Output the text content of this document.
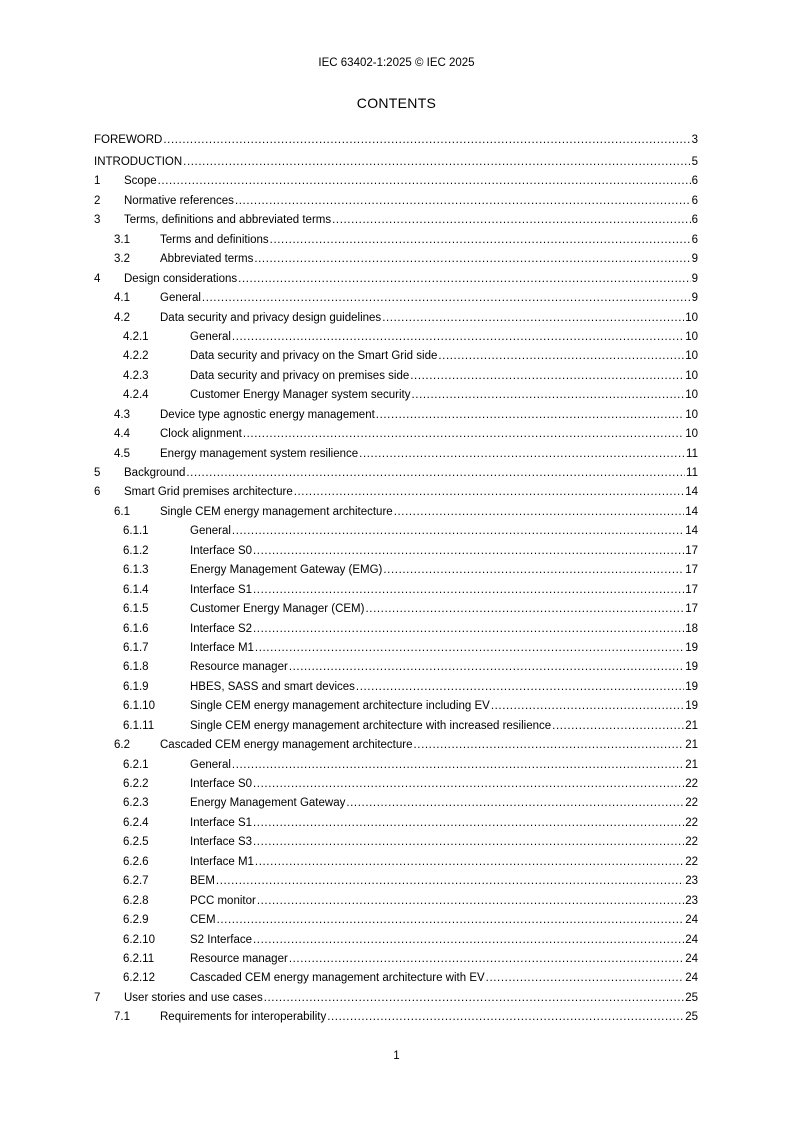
IEC 63402-1:2025 © IEC 2025
CONTENTS
FOREWORD .....	3
INTRODUCTION .....	5
1 Scope .....	6
2 Normative references .....	6
3 Terms, definitions and abbreviated terms .....	6
3.1	Terms and definitions .....	6
3.2	Abbreviated terms .....	9
4 Design considerations .....	9
4.1	General .....	9
4.2	Data security and privacy design guidelines .....	10
4.2.1	General .....	10
4.2.2	Data security and privacy on the Smart Grid side .....	10
4.2.3	Data security and privacy on premises side .....	10
4.2.4	Customer Energy Manager system security .....	10
4.3	Device type agnostic energy management .....	10
4.4	Clock alignment .....	10
4.5	Energy management system resilience .....	11
5 Background .....	11
6 Smart Grid premises architecture .....	14
6.1	Single CEM energy management architecture .....	14
6.1.1	General .....	14
6.1.2	Interface S0 .....	17
6.1.3	Energy Management Gateway (EMG) .....	17
6.1.4	Interface S1 .....	17
6.1.5	Customer Energy Manager (CEM) .....	17
6.1.6	Interface S2 .....	18
6.1.7	Interface M1 .....	19
6.1.8	Resource manager .....	19
6.1.9	HBES, SASS and smart devices .....	19
6.1.10	Single CEM energy management architecture including EV .....	19
6.1.11	Single CEM energy management architecture with increased resilience .....	21
6.2	Cascaded CEM energy management architecture .....	21
6.2.1	General .....	21
6.2.2	Interface S0 .....	22
6.2.3	Energy Management Gateway .....	22
6.2.4	Interface S1 .....	22
6.2.5	Interface S3 .....	22
6.2.6	Interface M1 .....	22
6.2.7	BEM .....	23
6.2.8	PCC monitor .....	23
6.2.9	CEM .....	24
6.2.10	S2 Interface .....	24
6.2.11	Resource manager .....	24
6.2.12	Cascaded CEM energy management architecture with EV .....	24
7 User stories and use cases .....	25
7.1	Requirements for interoperability .....	25
1
